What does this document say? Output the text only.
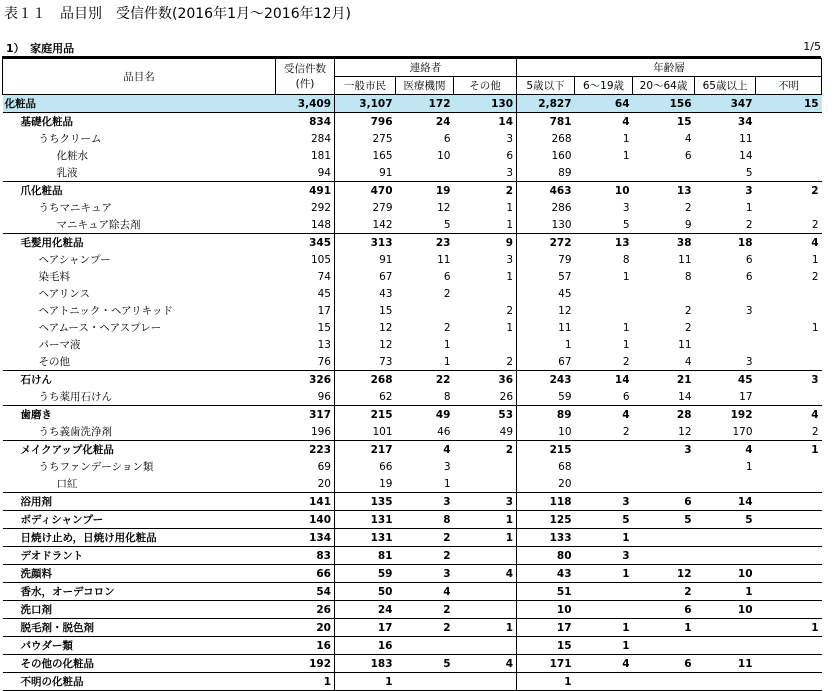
表１１　品目別　受信件数(2016年1月～2016年12月)
1）　家庭用品	1/5
品目名	受信件数
(件)	連絡者			年齢層				
		一般市民	医療機関	その他	5歳以下	6～19歳	20～64歳	65歳以上	不明
化粧品	3,409	3,107	172	130	2,827	64	156	347	15
基礎化粧品	834	796	24	14	781	4	15	34	
うちクリーム	284	275	6	3	268	1	4	11	
化粧水	181	165	10	6	160	1	6	14	
乳液	94	91		3	89			5	
爪化粧品	491	470	19	2	463	10	13	3	2
うちマニキュア	292	279	12	1	286	3	2	1	
マニキュア除去剤	148	142	5	1	130	5	9	2	2
毛髪用化粧品	345	313	23	9	272	13	38	18	4
ヘアシャンプー	105	91	11	3	79	8	11	6	1
染毛料	74	67	6	1	57	1	8	6	2
ヘアリンス	45	43	2		45				
ヘアトニック・ヘアリキッド	17	15		2	12		2	3	
ヘアムース・ヘアスプレー	15	12	2	1	11	1	2		1
パーマ液	13	12	1		1	1	11		
その他	76	73	1	2	67	2	4	3	
石けん	326	268	22	36	243	14	21	45	3
うち薬用石けん	96	62	8	26	59	6	14	17	
歯磨き	317	215	49	53	89	4	28	192	4
うち義歯洗浄剤	196	101	46	49	10	2	12	170	2
メイクアップ化粧品	223	217	4	2	215		3	4	1
うちファンデーション類	69	66	3		68			1	
口紅	20	19	1		20				
浴用剤	141	135	3	3	118	3	6	14	
ボディシャンプー	140	131	8	1	125	5	5	5	
日焼け止め，日焼け用化粧品	134	131	2	1	133	1			
デオドラント	83	81	2		80	3			
洗顔料	66	59	3	4	43	1	12	10	
香水，オーデコロン	54	50	4		51		2	1	
洗口剤	26	24	2		10		6	10	
脱毛剤・脱色剤	20	17	2	1	17	1	1		1
パウダー類	16	16			15	1			
その他の化粧品	192	183	5	4	171	4	6	11	
不明の化粧品	1	1			1				
